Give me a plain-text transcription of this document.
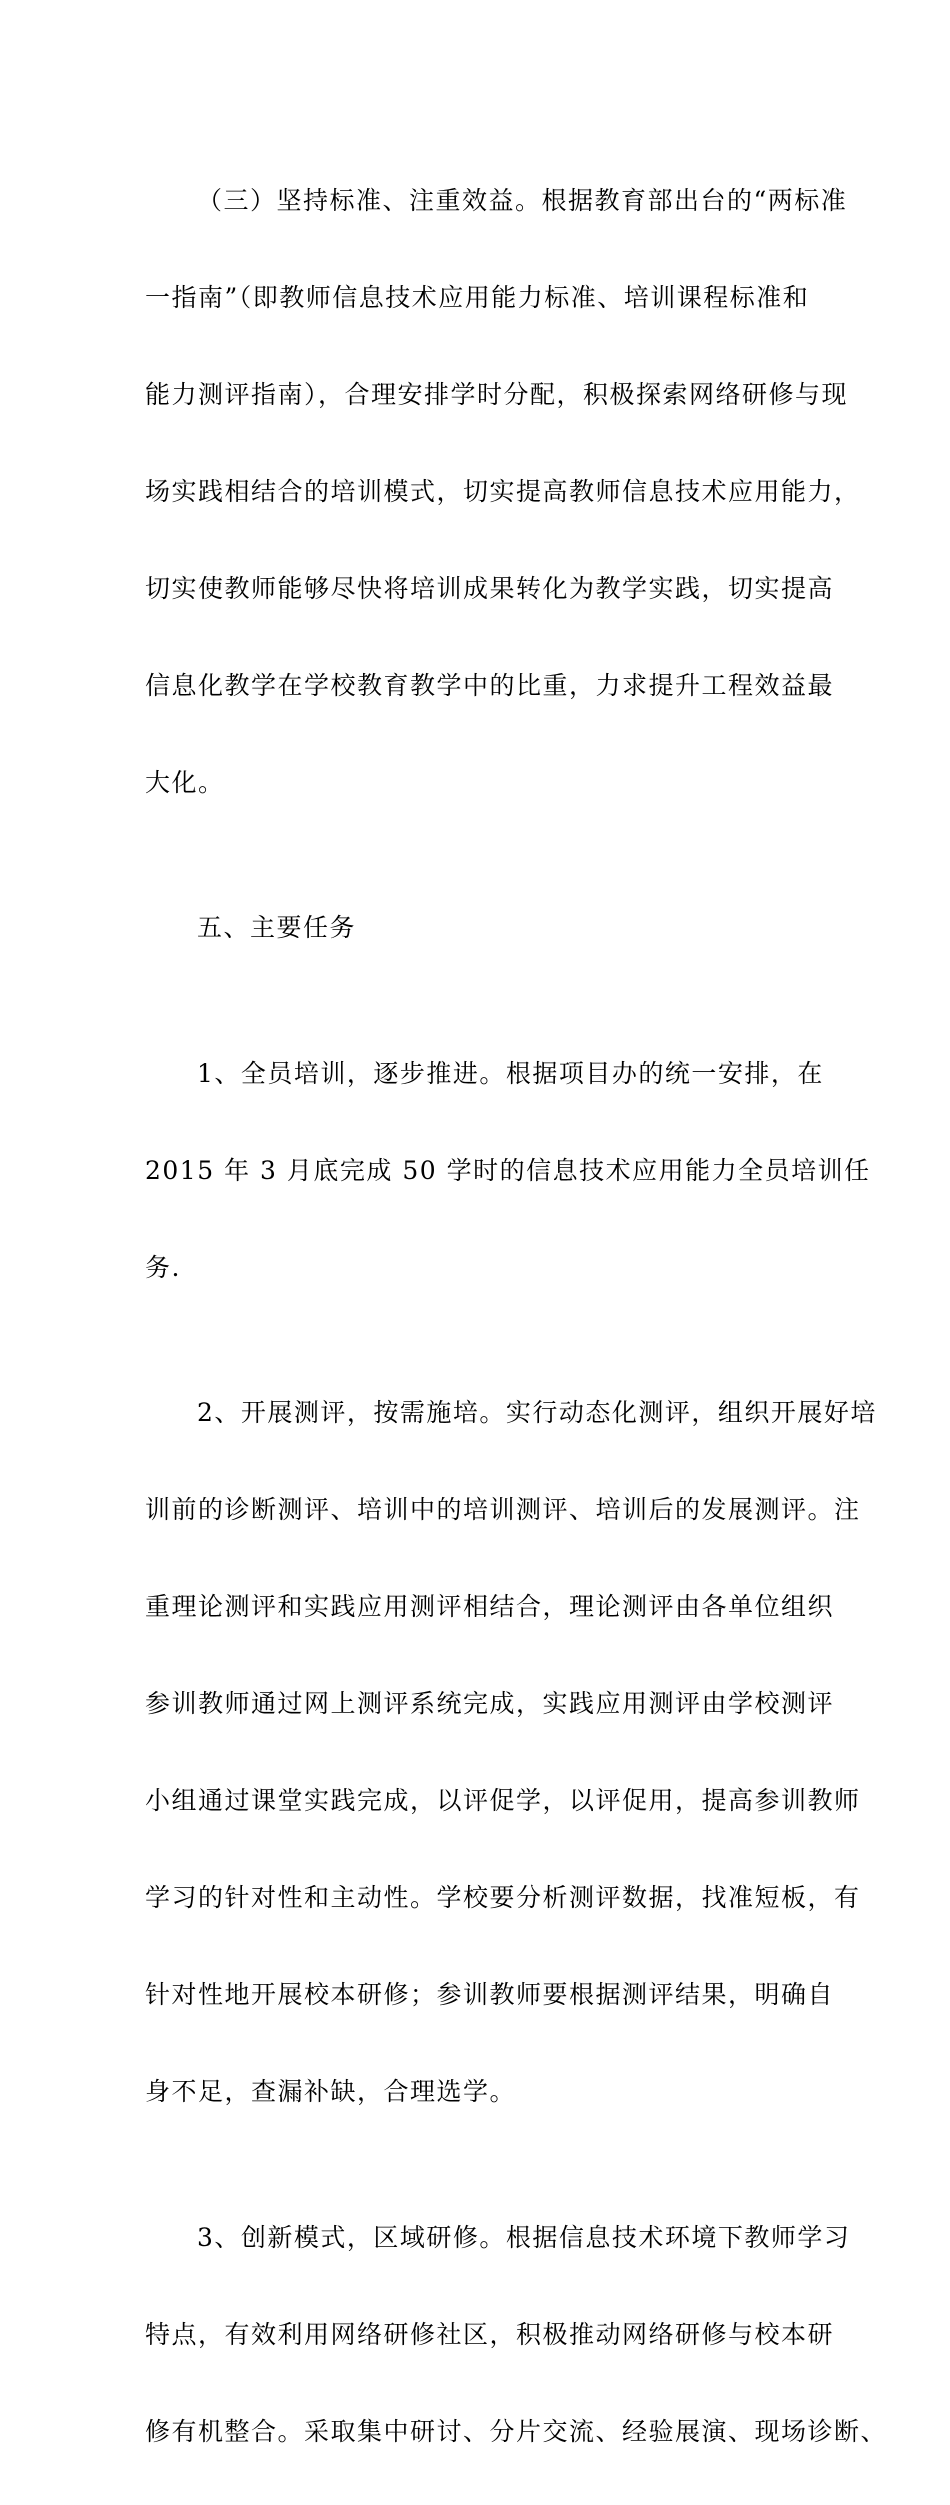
（三）坚持标准、注重效益。根据教育部出台的“两标准

一指南”（即教师信息技术应用能力标准、培训课程标准和

能力测评指南），合理安排学时分配，积极探索网络研修与现

场实践相结合的培训模式，切实提高教师信息技术应用能力，

切实使教师能够尽快将培训成果转化为教学实践，切实提高

信息化教学在学校教育教学中的比重，力求提升工程效益最

大化。

五、主要任务

1、全员培训，逐步推进。根据项目办的统一安排，在

2015 年 3 月底完成 50 学时的信息技术应用能力全员培训任

务.

2、开展测评，按需施培。实行动态化测评，组织开展好培

训前的诊断测评、培训中的培训测评、培训后的发展测评。注

重理论测评和实践应用测评相结合，理论测评由各单位组织

参训教师通过网上测评系统完成，实践应用测评由学校测评

小组通过课堂实践完成，以评促学，以评促用，提高参训教师

学习的针对性和主动性。学校要分析测评数据，找准短板，有

针对性地开展校本研修；参训教师要根据测评结果，明确自

身不足，查漏补缺，合理选学。

3、创新模式，区域研修。根据信息技术环境下教师学习

特点，有效利用网络研修社区，积极推动网络研修与校本研

修有机整合。采取集中研讨、分片交流、经验展演、现场诊断、
